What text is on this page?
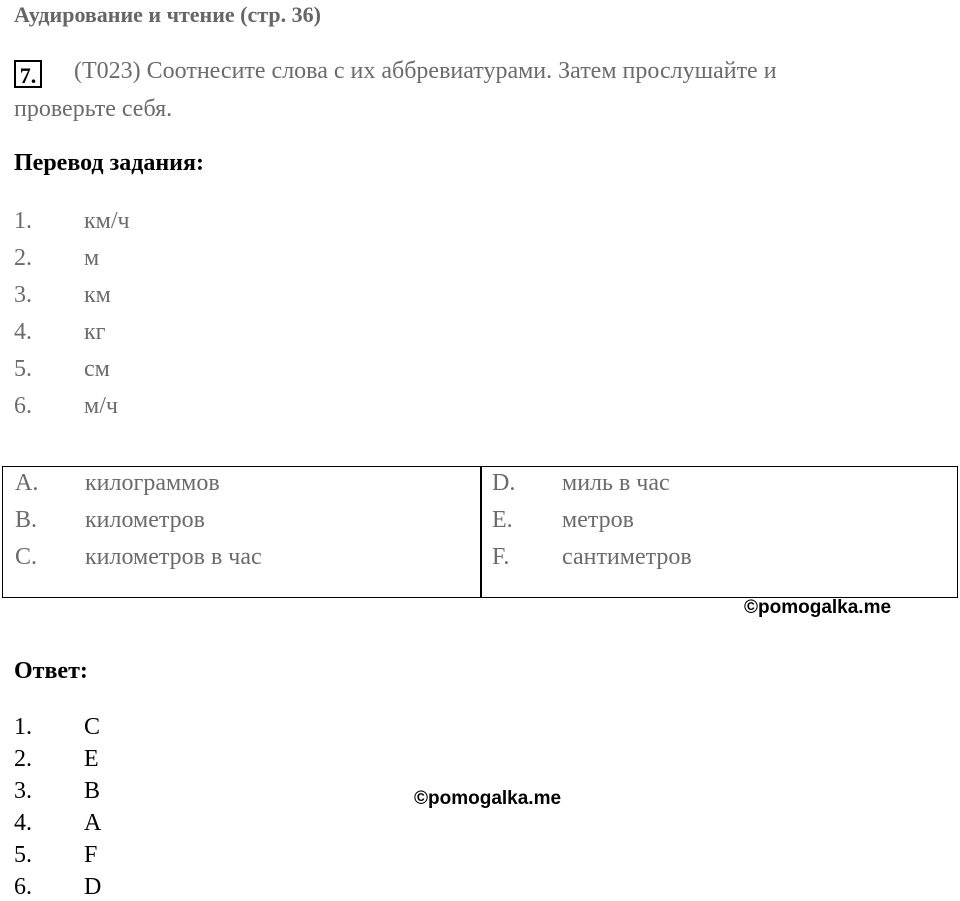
Аудирование и чтение (стр. 36)
7. (T023) Соотнесите слова с их аббревиатурами. Затем прослушайте и
проверьте себя.
Перевод задания:
1. км/ч
2. м
3. км
4. кг
5. см
6. м/ч
A. килограммов
B. километров
C. километров в час
D. миль в час
E. метров
F. сантиметров
©pomogalka.me
Ответ:
1. C
2. E
3. B
4. A
5. F
6. D
©pomogalka.me
